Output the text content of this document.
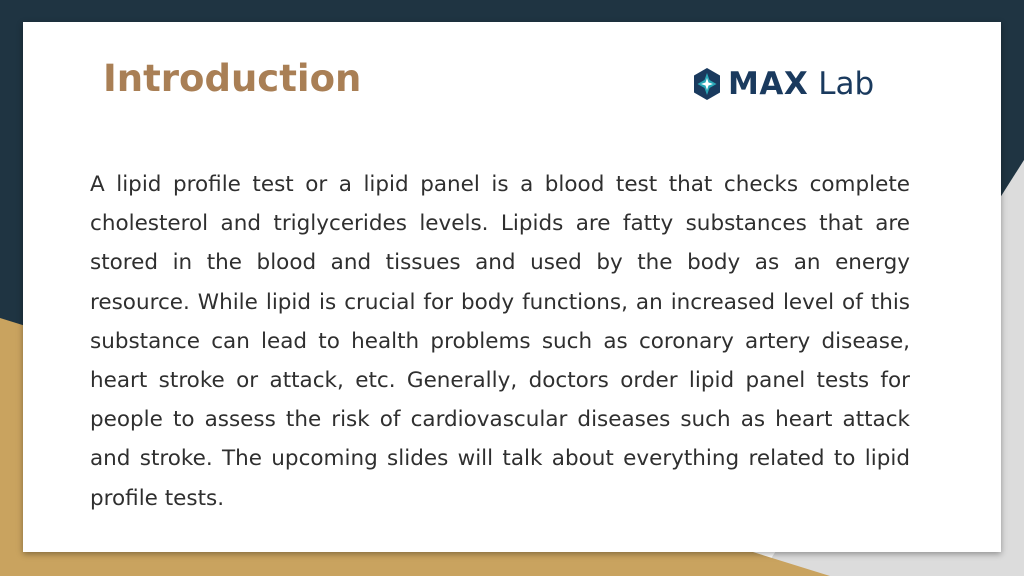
Introduction	MAX Lab

A lipid profile test or a lipid panel is a blood test that checks complete cholesterol and triglycerides levels. Lipids are fatty substances that are stored in the blood and tissues and used by the body as an energy resource. While lipid is crucial for body functions, an increased level of this substance can lead to health problems such as coronary artery disease, heart stroke or attack, etc. Generally, doctors order lipid panel tests for people to assess the risk of cardiovascular diseases such as heart attack and stroke. The upcoming slides will talk about everything related to lipid profile tests.
